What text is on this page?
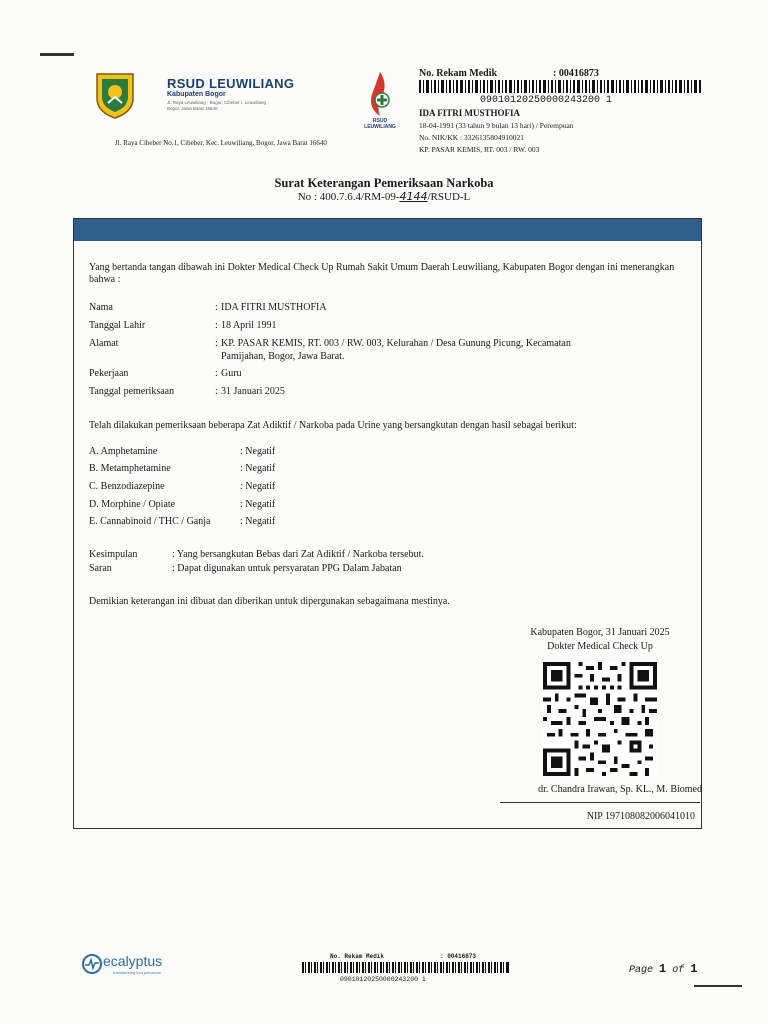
RSUD LEUWILIANG
Kabupaten Bogor
Jl. Raya Leuwiliang - Bogor, Cibeber I, Leuwiliang
Bogor, Jawa Barat 16640
Jl. Raya Cibeber No.1, Cibeber, Kec. Leuwiliang, Bogor, Jawa Barat 16640
RSUD LEUWILIANG
No. Rekam Medik	: 00416873
09010120250000243200 1
IDA FITRI MUSTHOFIA
18-04-1991 (33 tahun 9 bulan 13 hari) / Perempuan
No. NIK/KK : 3326135804910021
KP. PASAR KEMIS, RT. 003 / RW. 003
Surat Keterangan Pemeriksaan Narkoba
No : 400.7.6.4/RM-09-4144/RSUD-L
Yang bertanda tangan dibawah ini Dokter Medical Check Up Rumah Sakit Umum Daerah Leuwiliang, Kabupaten Bogor dengan ini menerangkan bahwa :
Nama	: IDA FITRI MUSTHOFIA
Tanggal Lahir	: 18 April 1991
Alamat	: KP. PASAR KEMIS, RT. 003 / RW. 003, Kelurahan / Desa Gunung Picung, Kecamatan
Pamijahan, Bogor, Jawa Barat.
Pekerjaan	: Guru
Tanggal pemeriksaan	: 31 Januari 2025
Telah dilakukan pemeriksaan beberapa Zat Adiktif / Narkoba pada Urine yang bersangkutan dengan hasil sebagai berikut:
A. Amphetamine	: Negatif
B. Metamphetamine	: Negatif
C. Benzodiazepine	: Negatif
D. Morphine / Opiate	: Negatif
E. Cannabinoid / THC / Ganja	: Negatif
Kesimpulan	: Yang bersangkutan Bebas dari Zat Adiktif / Narkoba tersebut.
Saran	: Dapat digunakan untuk persyaratan PPG Dalam Jabatan
Demikian keterangan ini dibuat dan diberikan untuk dipergunakan sebagaimana mestinya.
Kabupaten Bogor, 31 Januari 2025
Dokter Medical Check Up
dr. Chandra Irawan, Sp. KL., M. Biomed
NIP 197108082006041010
ecalyptus
transforming into pervasive
No. Rekam Medik	: 00416873
09010120250000243200 1
Page 1 of 1
